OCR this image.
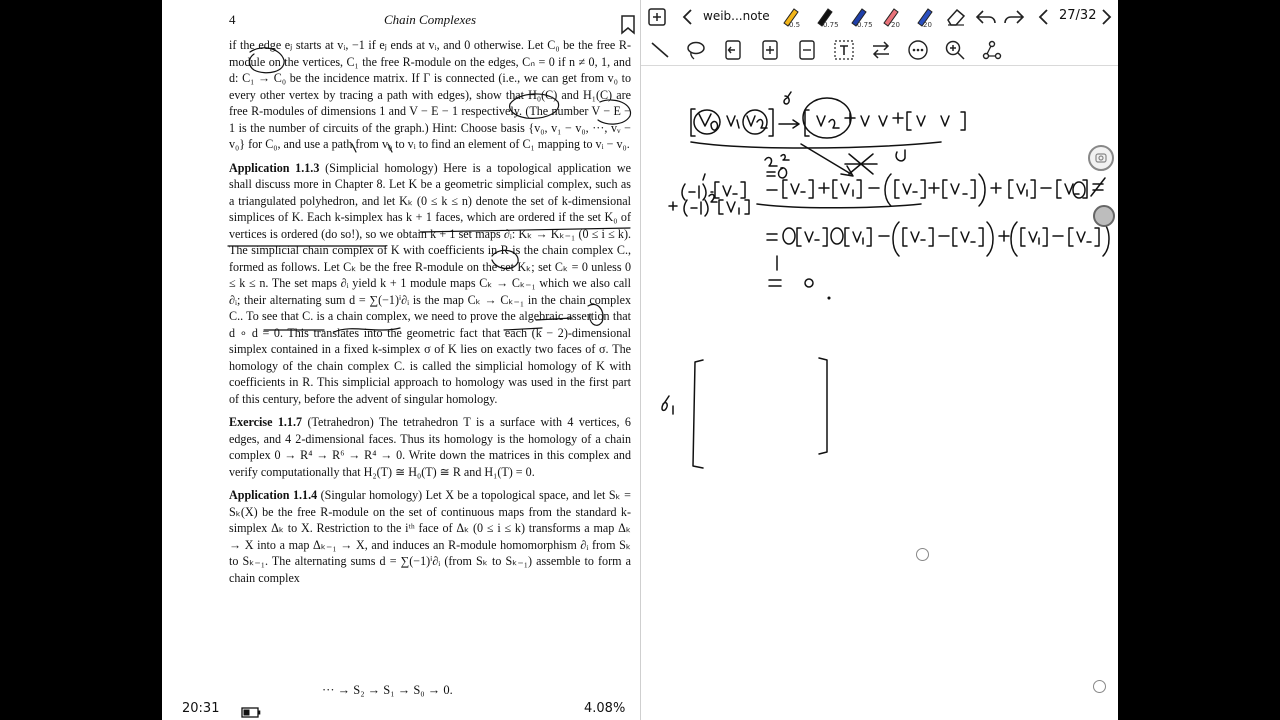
4	Chain Complexes

if the edge eⱼ starts at vᵢ, −1 if eⱼ ends at vᵢ, and 0 otherwise. Let C₀ be the free R-module on the vertices, C₁ the free R-module on the edges, Cₙ = 0 if n ≠ 0, 1, and d: C₁ → C₀ be the incidence matrix. If Γ is connected (i.e., we can get from v₀ to every other vertex by tracing a path with edges), show that H₀(C) and H₁(C) are free R-modules of dimensions 1 and V − E − 1 respectively. (The number V − E − 1 is the number of circuits of the graph.) Hint: Choose basis {v₀, v₁ − v₀, ···, vᵥ − v₀} for C₀, and use a path from v₀ to vᵢ to find an element of C₁ mapping to vᵢ − v₀.

Application 1.1.3 (Simplicial homology) Here is a topological application we shall discuss more in Chapter 8. Let K be a geometric simplicial complex, such as a triangulated polyhedron, and let Kₖ (0 ≤ k ≤ n) denote the set of k-dimensional simplices of K. Each k-simplex has k + 1 faces, which are ordered if the set K₀ of vertices is ordered (do so!), so we obtain k + 1 set maps ∂ᵢ: Kₖ → Kₖ₋₁ (0 ≤ i ≤ k). The simplicial chain complex of K with coefficients in R is the chain complex C., formed as follows. Let Cₖ be the free R-module on the set Kₖ; set Cₖ = 0 unless 0 ≤ k ≤ n. The set maps ∂ᵢ yield k + 1 module maps Cₖ → Cₖ₋₁ which we also call ∂ᵢ; their alternating sum d = ∑(−1)ⁱ∂ᵢ is the map Cₖ → Cₖ₋₁ in the chain complex C.. To see that C. is a chain complex, we need to prove the algebraic assertion that d ∘ d = 0. This translates into the geometric fact that each (k − 2)-dimensional simplex contained in a fixed k-simplex σ of K lies on exactly two faces of σ. The homology of the chain complex C. is called the simplicial homology of K with coefficients in R. This simplicial approach to homology was used in the first part of this century, before the advent of singular homology.

Exercise 1.1.7 (Tetrahedron) The tetrahedron T is a surface with 4 vertices, 6 edges, and 4 2-dimensional faces. Thus its homology is the homology of a chain complex 0 → R⁴ → R⁶ → R⁴ → 0. Write down the matrices in this complex and verify computationally that H₂(T) ≅ H₀(T) ≅ R and H₁(T) = 0.

Application 1.1.4 (Singular homology) Let X be a topological space, and let Sₖ = Sₖ(X) be the free R-module on the set of continuous maps from the standard k-simplex Δₖ to X. Restriction to the iᵗʰ face of Δₖ (0 ≤ i ≤ k) transforms a map Δₖ → X into a map Δₖ₋₁ → X, and induces an R-module homomorphism ∂ᵢ from Sₖ to Sₖ₋₁. The alternating sums d = ∑(−1)ⁱ∂ᵢ (from Sₖ to Sₖ₋₁) assemble to form a chain complex

··· → S₂ → S₁ → S₀ → 0.
20:31	4.08%
weib...note
0.5	0.75	0.75	20	20
27/32
